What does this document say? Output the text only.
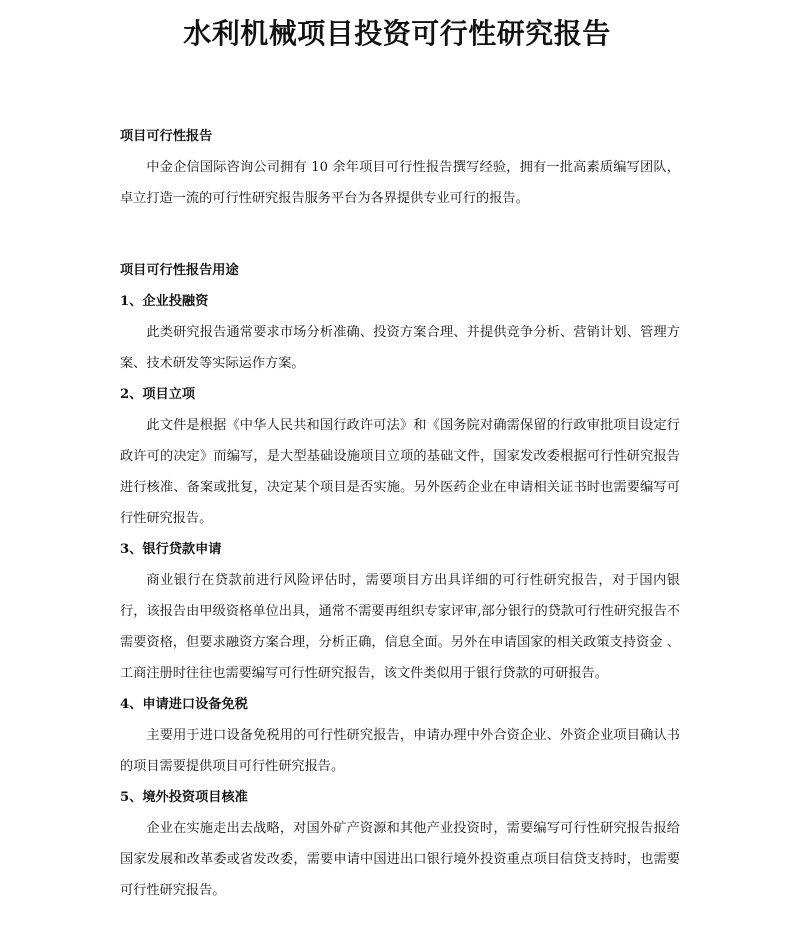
水利机械项目投资可行性研究报告

项目可行性报告

中金企信国际咨询公司拥有 10 余年项目可行性报告撰写经验，拥有一批高素质编写团队，卓立打造一流的可行性研究报告服务平台为各界提供专业可行的报告。

项目可行性报告用途

1、企业投融资

此类研究报告通常要求市场分析准确、投资方案合理、并提供竞争分析、营销计划、管理方案、技术研发等实际运作方案。

2、项目立项

此文件是根据《中华人民共和国行政许可法》和《国务院对确需保留的行政审批项目设定行政许可的决定》而编写，是大型基础设施项目立项的基础文件，国家发改委根据可行性研究报告进行核准、备案或批复，决定某个项目是否实施。另外医药企业在申请相关证书时也需要编写可行性研究报告。

3、银行贷款申请

商业银行在贷款前进行风险评估时，需要项目方出具详细的可行性研究报告，对于国内银行，该报告由甲级资格单位出具，通常不需要再组织专家评审,部分银行的贷款可行性研究报告不需要资格，但要求融资方案合理，分析正确，信息全面。另外在申请国家的相关政策支持资金 、工商注册时往往也需要编写可行性研究报告，该文件类似用于银行贷款的可研报告。

4、申请进口设备免税

主要用于进口设备免税用的可行性研究报告，申请办理中外合资企业、外资企业项目确认书的项目需要提供项目可行性研究报告。

5、境外投资项目核准

企业在实施走出去战略，对国外矿产资源和其他产业投资时，需要编写可行性研究报告报给国家发展和改革委或省发改委，需要申请中国进出口银行境外投资重点项目信贷支持时，也需要可行性研究报告。
